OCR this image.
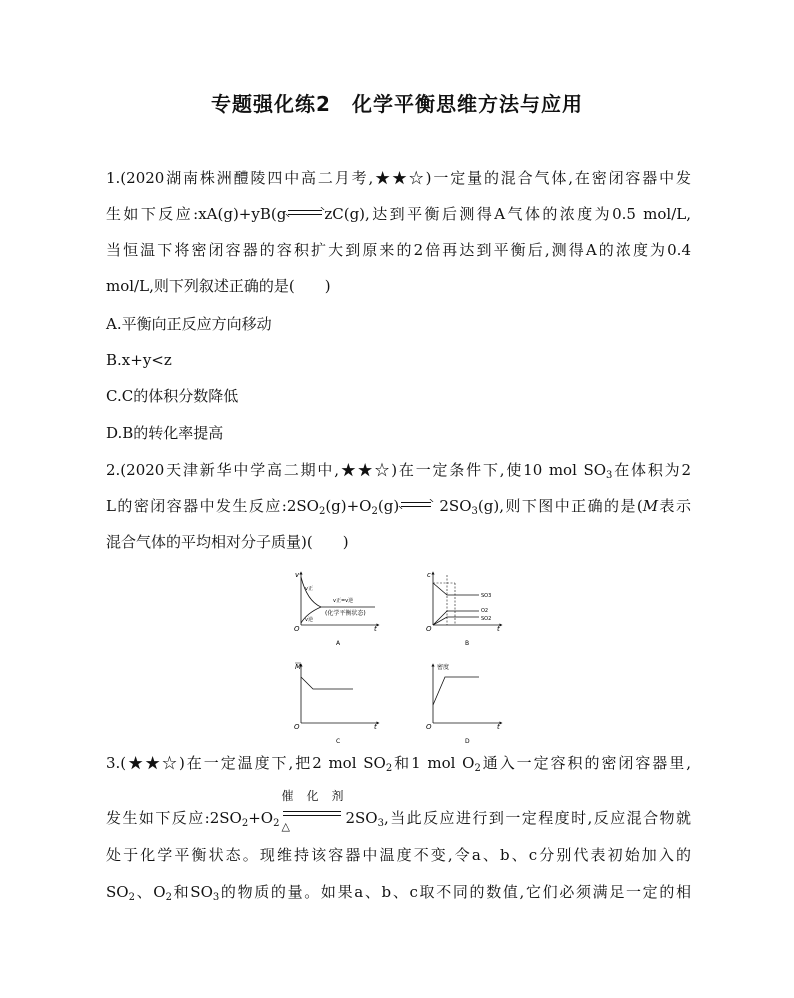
专题强化练2　化学平衡思维方法与应用
1.(2020湖南株洲醴陵四中高二月考,★★☆)一定量的混合气体,在密闭容器中发
生如下反应:xA(g)+yB(g	zC(g),达到平衡后测得A气体的浓度为0.5 mol/L,
当恒温下将密闭容器的容积扩大到原来的2倍再达到平衡后,测得A的浓度为0.4
mol/L,则下列叙述正确的是(　　)
A.平衡向正反应方向移动
B.x+y<z
C.C的体积分数降低
D.B的转化率提高
2.(2020天津新华中学高二期中,★★☆)在一定条件下,使10 mol $SO_3$在体积为2
L的密闭容器中发生反应$:2SO_2(g)+O_2(g)$	$2SO_3(g)$,则下图中正确的是(M表示
混合气体的平均相对分子质量)(　　)
v
O	t
v正
v逆
v正=v逆
(化学平衡状态)
A
c
O	t
SO3
O2
SO2
B
M
O	t
C
密度
O	t
D
3.(★★☆)在一定温度下,把2 mol $SO_2$和1 mol $O_2$通入一定容积的密闭容器里,
发生如下反应$:2SO_2+O_2$
催化剂
△	$2SO_3$,当此反应进行到一定程度时,反应混合物就
处于化学平衡状态。现维持该容器中温度不变,令a、b、c分别代表初始加入的
$SO_2$、$O_2$和$SO_3$的物质的量。如果a、b、c取不同的数值,它们必须满足一定的相
